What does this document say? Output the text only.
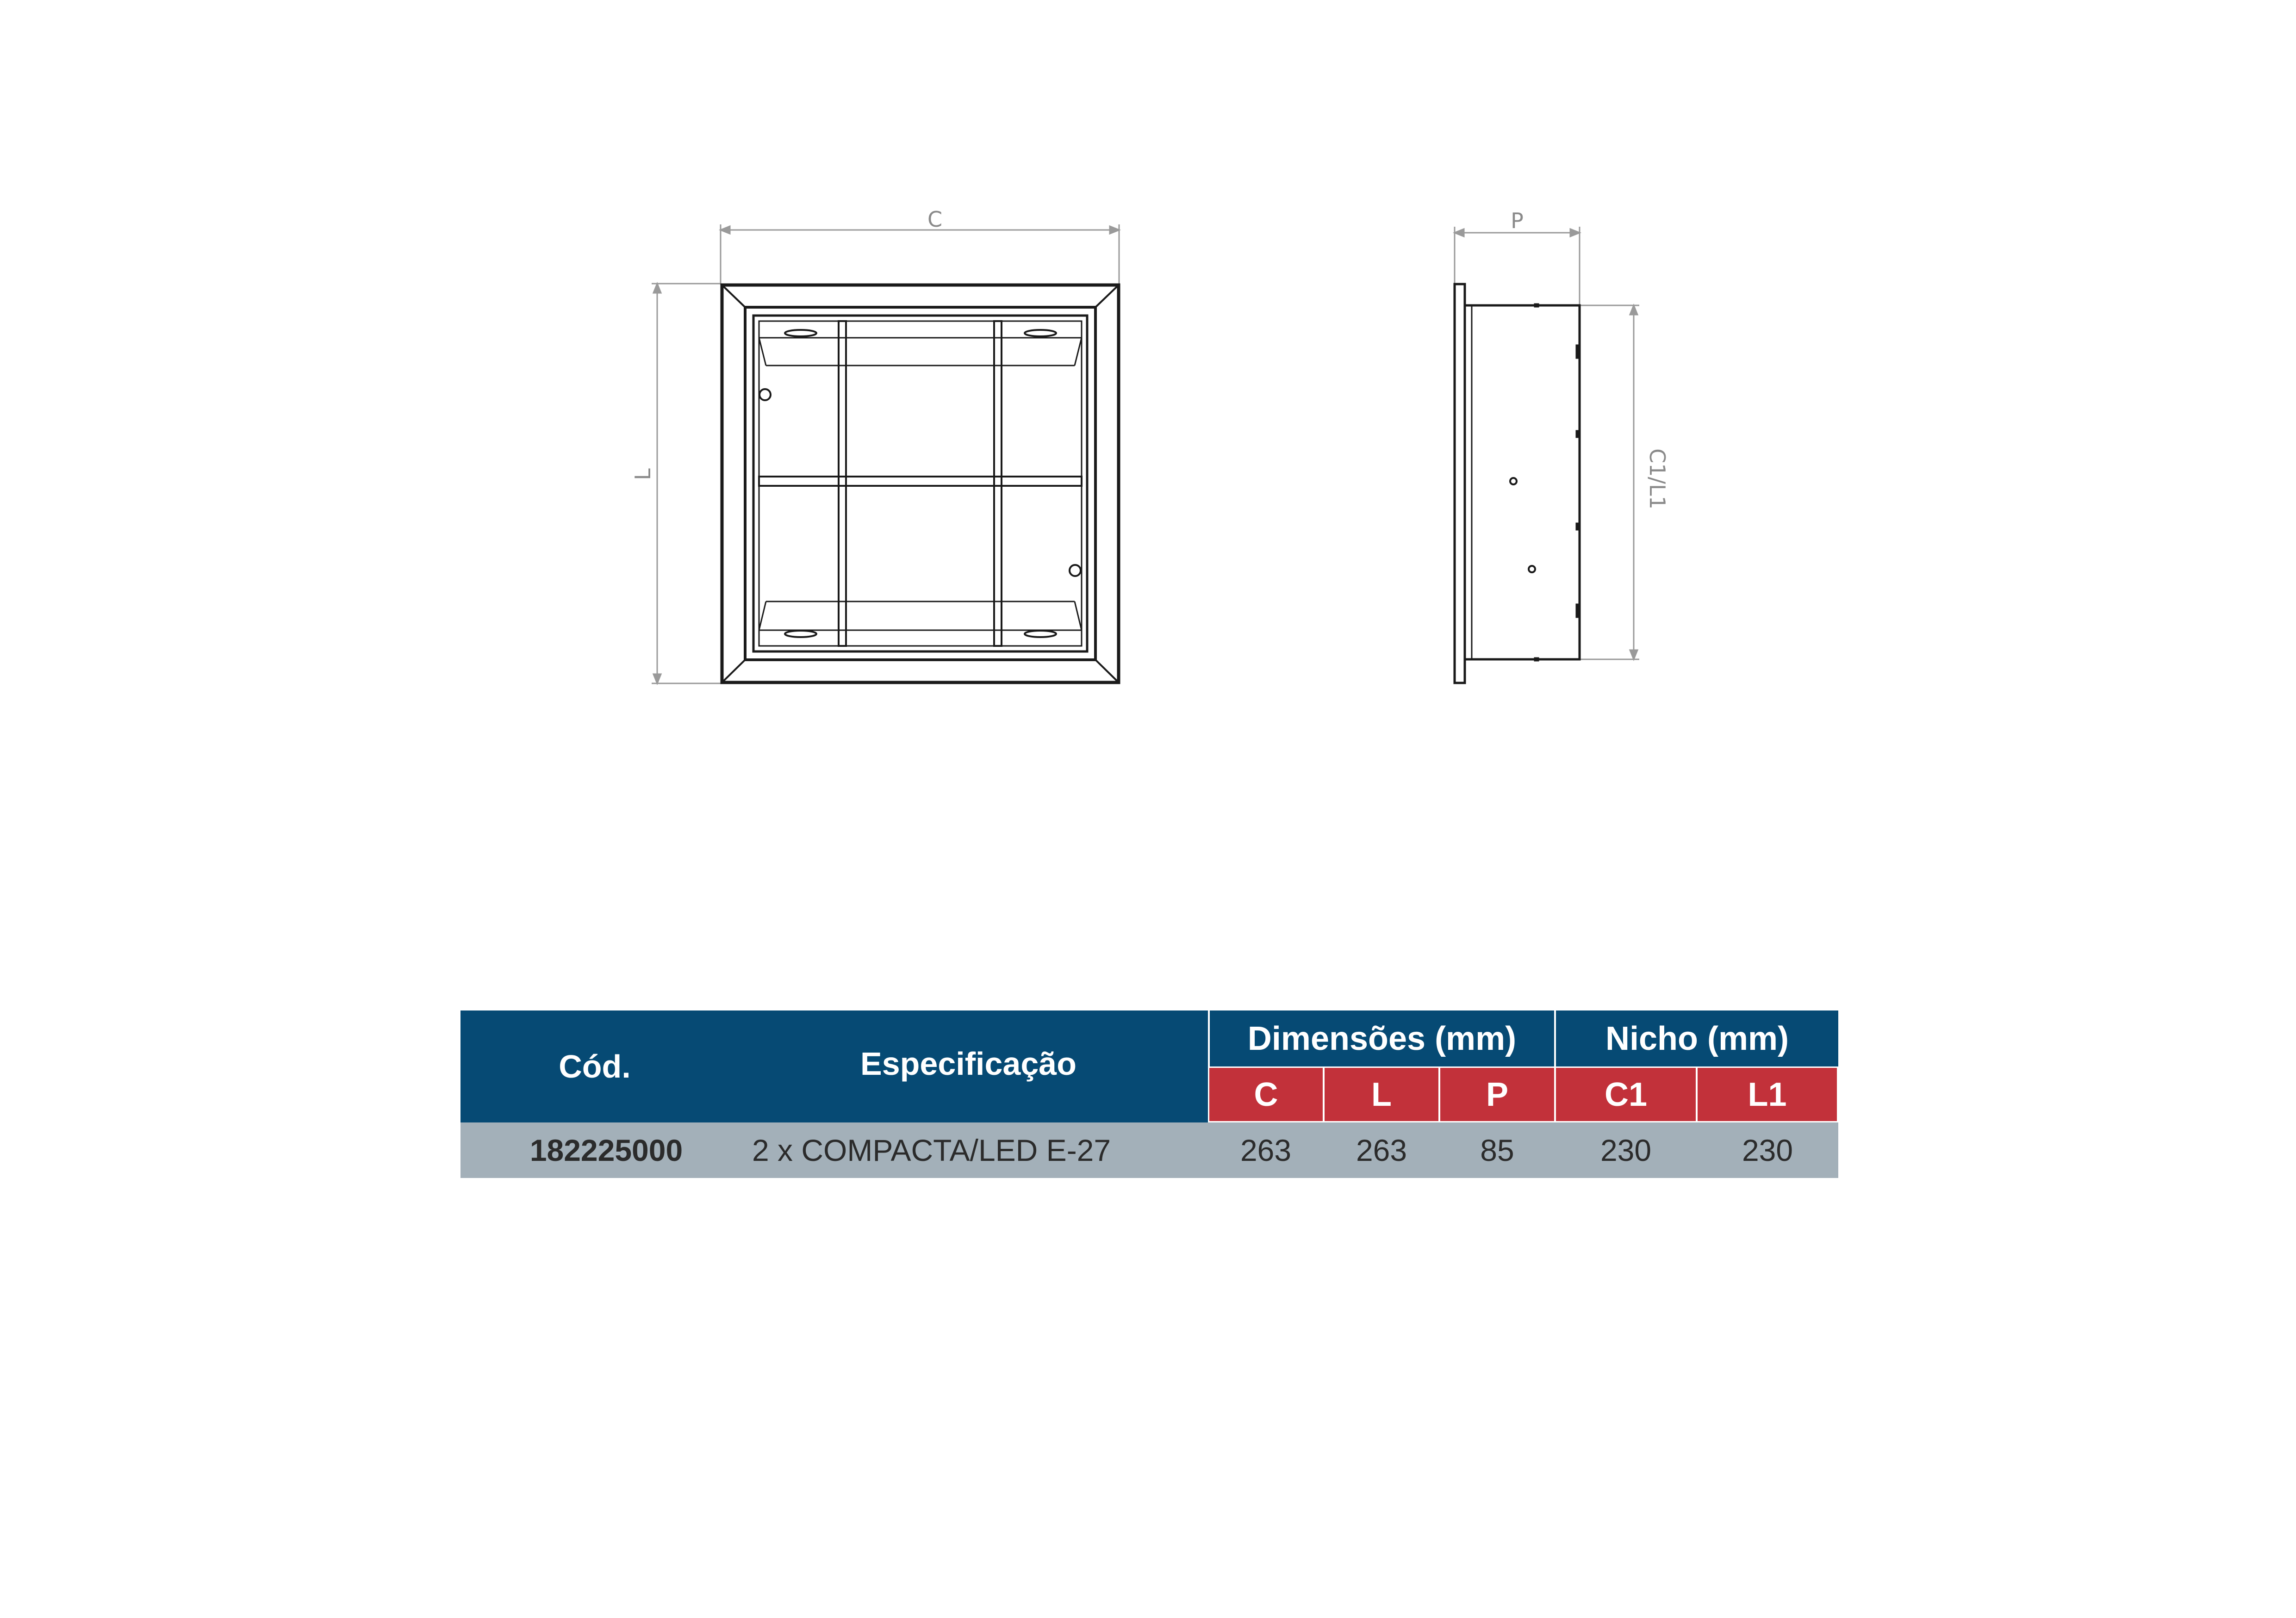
C
L
P
C1/L1
Cód.	Especificação
Dimensões (mm)	Nicho (mm)
C	L	P	C1	L1
182225000	2 x COMPACTA/LED E-27	263	263	85	230	230
